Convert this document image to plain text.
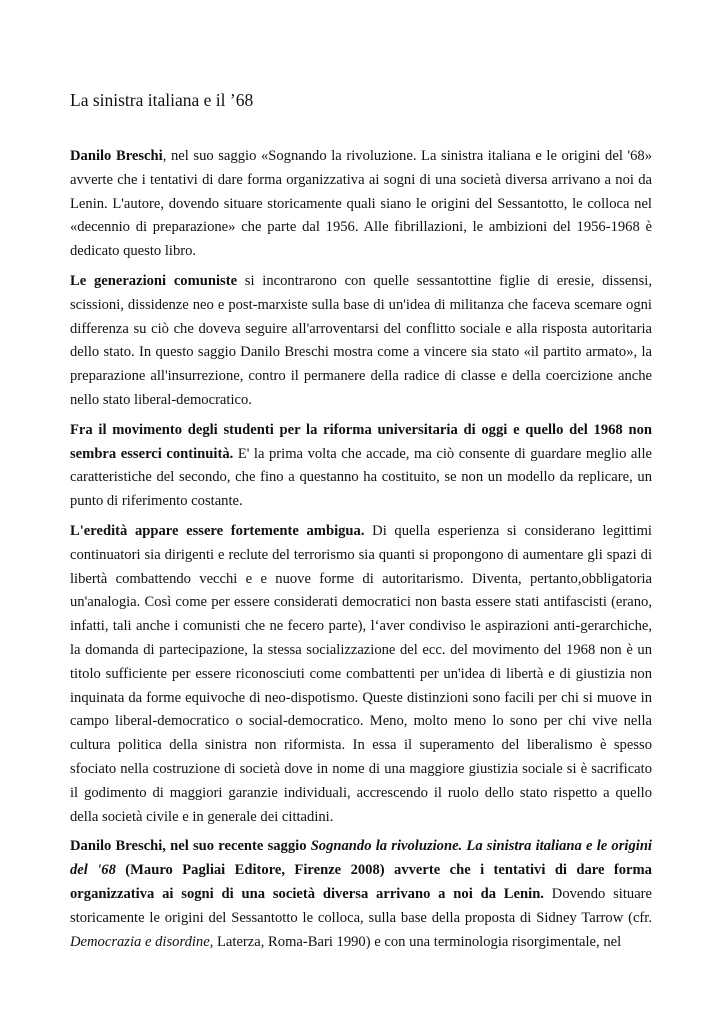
La sinistra italiana e il ’68

Danilo Breschi, nel suo saggio «Sognando la rivoluzione. La sinistra italiana e le origini del '68» avverte che i tentativi di dare forma organizzativa ai sogni di una società diversa arrivano a noi da Lenin. L'autore, dovendo situare storicamente quali siano le origini del Sessantotto, le colloca nel «decennio di preparazione» che parte dal 1956. Alle fibrillazioni, le ambizioni del 1956-1968 è dedicato questo libro.

Le generazioni comuniste si incontrarono con quelle sessantottine figlie di eresie, dissensi, scissioni, dissidenze neo e post-marxiste sulla base di un'idea di militanza che faceva scemare ogni differenza su ciò che doveva seguire all'arroventarsi del conflitto sociale e alla risposta autoritaria dello stato. In questo saggio Danilo Breschi mostra come a vincere sia stato «il partito armato», la preparazione all'insurrezione, contro il permanere della radice di classe e della coercizione anche nello stato liberal-democratico.

Fra il movimento degli studenti per la riforma universitaria di oggi e quello del 1968 non sembra esserci continuità. E' la prima volta che accade, ma ciò consente di guardare meglio alle caratteristiche del secondo, che fino a questanno ha costituito, se non un modello da replicare, un punto di riferimento costante.

L'eredità appare essere fortemente ambigua. Di quella esperienza si considerano legittimi continuatori sia dirigenti e reclute del terrorismo sia quanti si propongono di aumentare gli spazi di libertà combattendo vecchi e e nuove forme di autoritarismo. Diventa, pertanto,obbligatoria un'analogia. Così come per essere considerati democratici non basta essere stati antifascisti (erano, infatti, tali anche i comunisti che ne fecero parte), l‘aver condiviso le aspirazioni anti-gerarchiche, la domanda di partecipazione, la stessa socializzazione del ecc. del movimento del 1968 non è un titolo sufficiente per essere riconosciuti come combattenti per un'idea di libertà e di giustizia non inquinata da forme equivoche di neo-dispotismo. Queste distinzioni sono facili per chi si muove in campo liberal-democratico o social-democratico. Meno, molto meno lo sono per chi vive nella cultura politica della sinistra non riformista. In essa il superamento del liberalismo è spesso sfociato nella costruzione di società dove in nome di una maggiore giustizia sociale si è sacrificato il godimento di maggiori garanzie individuali, accrescendo il ruolo dello stato rispetto a quello della società civile e in generale dei cittadini.

Danilo Breschi, nel suo recente saggio Sognando la rivoluzione. La sinistra italiana e le origini del '68 (Mauro Pagliai Editore, Firenze 2008) avverte che i tentativi di dare forma organizzativa ai sogni di una società diversa arrivano a noi da Lenin. Dovendo situare storicamente le origini del Sessantotto le colloca, sulla base della proposta di Sidney Tarrow (cfr. Democrazia e disordine, Laterza, Roma-Bari 1990) e con una terminologia risorgimentale, nel
